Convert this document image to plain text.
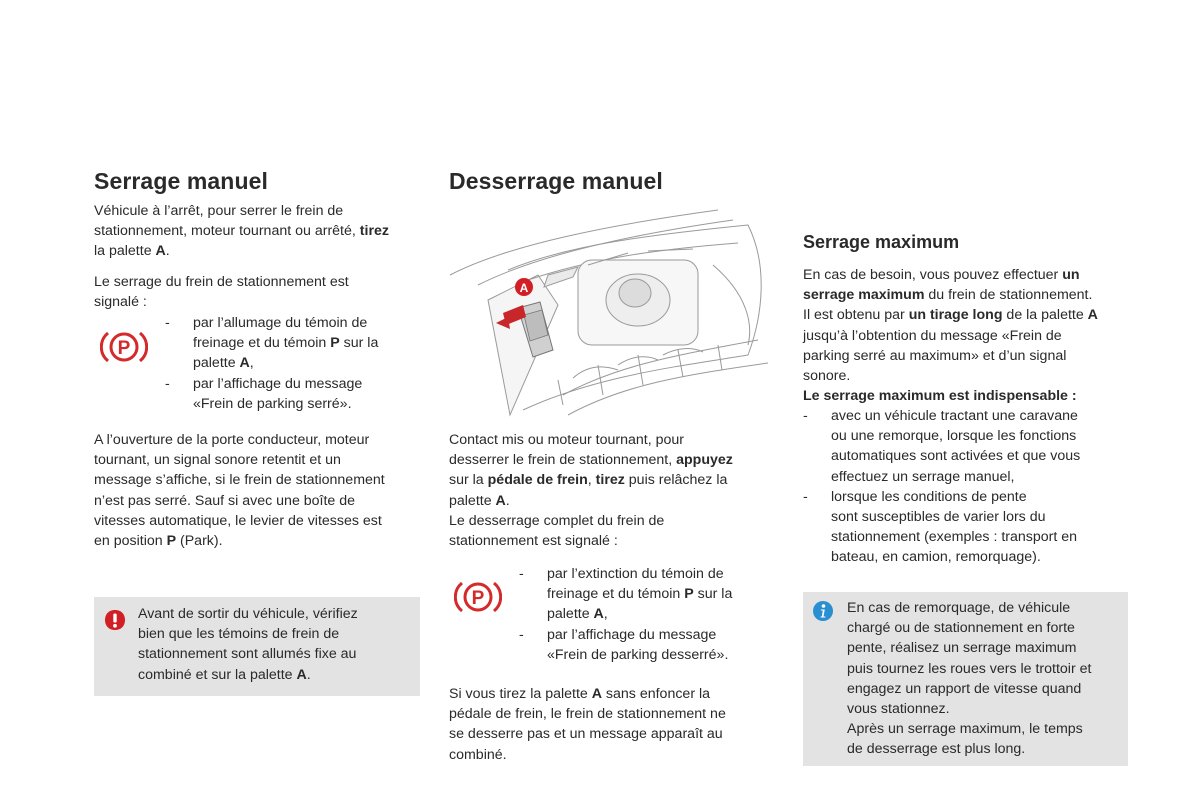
Serrage manuel

Véhicule à l’arrêt, pour serrer le frein de

stationnement, moteur tournant ou arrêté, tirez

la palette A.

Le serrage du frein de stationnement est

signalé :

P
- par l’allumage du témoin de
freinage et du témoin P sur la
palette A,
- par l’affichage du message
«Frein de parking serré».

A l’ouverture de la porte conducteur, moteur

tournant, un signal sonore retentit et un

message s’affiche, si le frein de stationnement

n’est pas serré. Sauf si avec une boîte de

vitesses automatique, le levier de vitesses est

en position P (Park).

Avant de sortir du véhicule, vérifiez

bien que les témoins de frein de

stationnement sont allumés fixe au

combiné et sur la palette A.

Desserrage manuel
A

Contact mis ou moteur tournant, pour

desserrer le frein de stationnement, appuyez

sur la pédale de frein, tirez puis relâchez la

palette A.

Le desserrage complet du frein de

stationnement est signalé :

P
- par l’extinction du témoin de
freinage et du témoin P sur la
palette A,
- par l’affichage du message
«Frein de parking desserré».

Si vous tirez la palette A sans enfoncer la

pédale de frein, le frein de stationnement ne

se desserre pas et un message apparaît au

combiné.

Serrage maximum

En cas de besoin, vous pouvez effectuer un

serrage maximum du frein de stationnement.

Il est obtenu par un tirage long de la palette A

jusqu’à l’obtention du message «Frein de

parking serré au maximum» et d’un signal

sonore.

Le serrage maximum est indispensable :

- avec un véhicule tractant une caravane
ou une remorque, lorsque les fonctions
automatiques sont activées et que vous
effectuez un serrage manuel,
- lorsque les conditions de pente
sont susceptibles de varier lors du
stationnement (exemples : transport en
bateau, en camion, remorquage).

En cas de remorquage, de véhicule

chargé ou de stationnement en forte

pente, réalisez un serrage maximum

puis tournez les roues vers le trottoir et

engagez un rapport de vitesse quand

vous stationnez.

Après un serrage maximum, le temps

de desserrage est plus long.
